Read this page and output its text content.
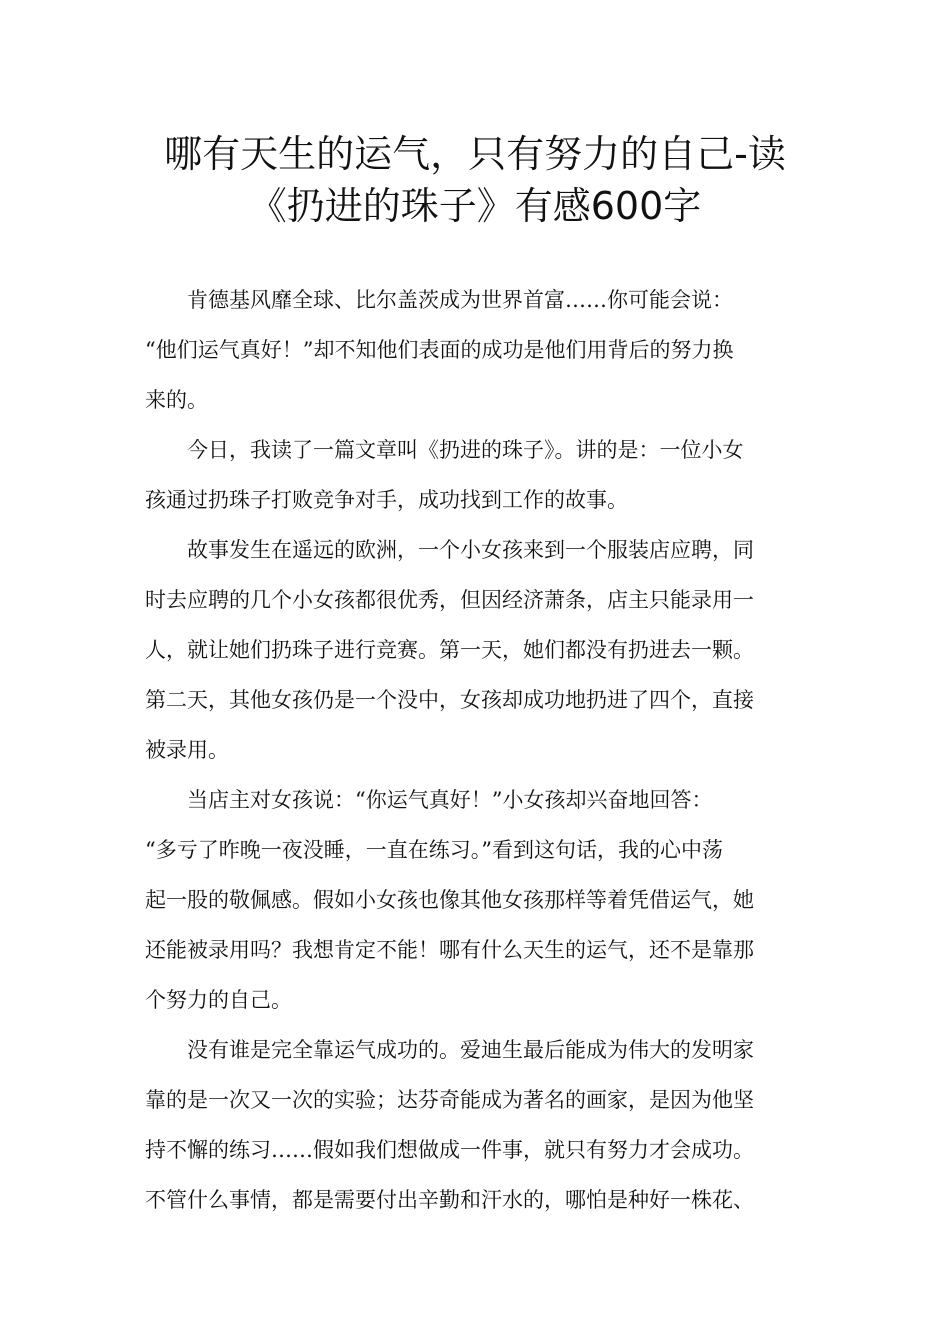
哪有天生的运气，只有努力的自己-读
《扔进的珠子》有感600字

肯德基风靡全球、比尔盖茨成为世界首富……你可能会说：
“他们运气真好！”却不知他们表面的成功是他们用背后的努力换
来的。

今日，我读了一篇文章叫《扔进的珠子》。讲的是：一位小女
孩通过扔珠子打败竞争对手，成功找到工作的故事。

故事发生在遥远的欧洲，一个小女孩来到一个服装店应聘，同
时去应聘的几个小女孩都很优秀，但因经济萧条，店主只能录用一
人，就让她们扔珠子进行竞赛。第一天，她们都没有扔进去一颗。
第二天，其他女孩仍是一个没中，女孩却成功地扔进了四个，直接
被录用。

当店主对女孩说：“你运气真好！”小女孩却兴奋地回答：
“多亏了昨晚一夜没睡，一直在练习。”看到这句话，我的心中荡
起一股的敬佩感。假如小女孩也像其他女孩那样等着凭借运气，她
还能被录用吗？我想肯定不能！哪有什么天生的运气，还不是靠那
个努力的自己。

没有谁是完全靠运气成功的。爱迪生最后能成为伟大的发明家
靠的是一次又一次的实验；达芬奇能成为著名的画家，是因为他坚
持不懈的练习……假如我们想做成一件事，就只有努力才会成功。
不管什么事情，都是需要付出辛勤和汗水的，哪怕是种好一株花、
